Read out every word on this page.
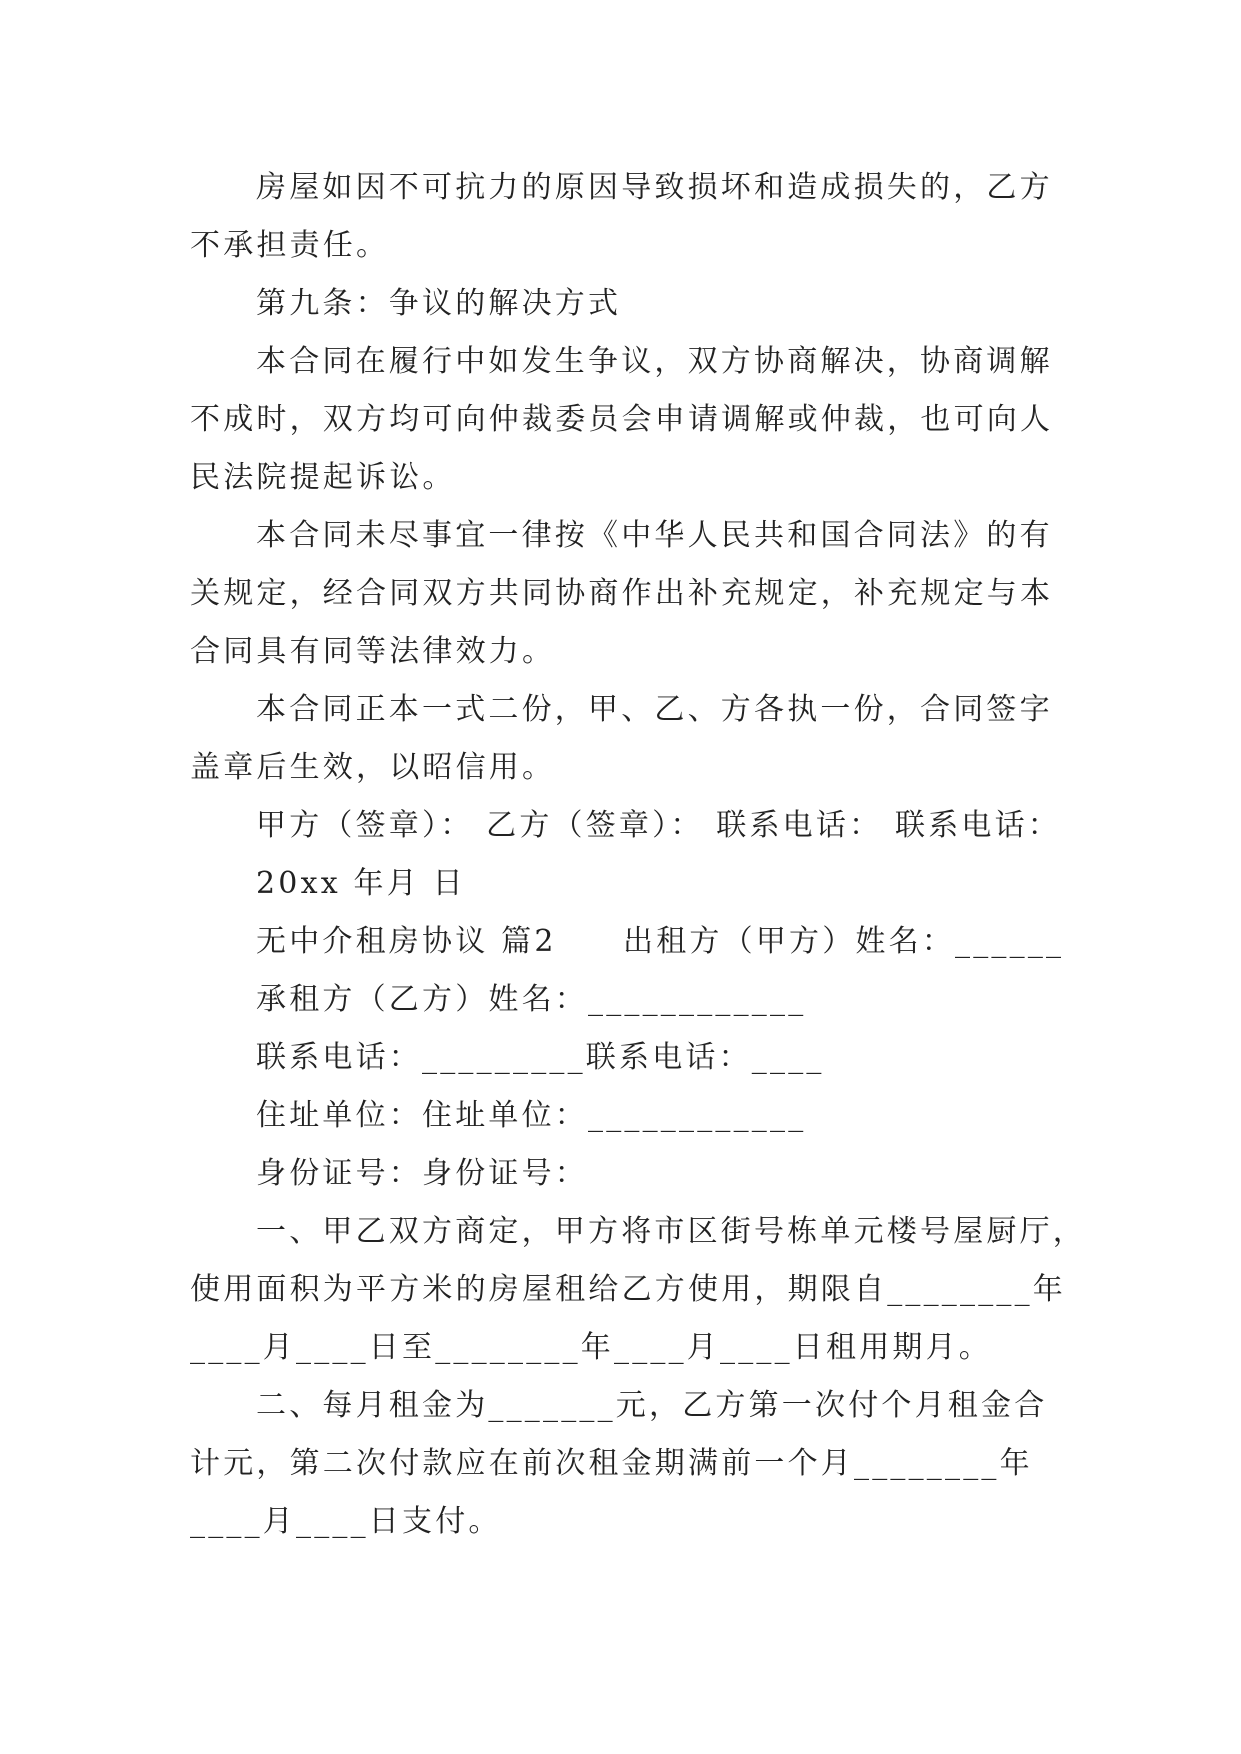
房屋如因不可抗力的原因导致损坏和造成损失的，乙方
不承担责任。
第九条：争议的解决方式
本合同在履行中如发生争议，双方协商解决，协商调解
不成时，双方均可向仲裁委员会申请调解或仲裁，也可向人
民法院提起诉讼。
本合同未尽事宜一律按《中华人民共和国合同法》的有
关规定，经合同双方共同协商作出补充规定，补充规定与本
合同具有同等法律效力。
本合同正本一式二份，甲、乙、方各执一份，合同签字
盖章后生效，以昭信用。
甲方（签章）： 乙方（签章）： 联系电话： 联系电话：
20xx 年月 日
无中介租房协议 篇2　　出租方（甲方）姓名：______
承租方（乙方）姓名：____________
联系电话：_________联系电话：____
住址单位：住址单位：____________
身份证号：身份证号：
一、甲乙双方商定，甲方将市区街号栋单元楼号屋厨厅，
使用面积为平方米的房屋租给乙方使用，期限自________年
____月____日至________年____月____日租用期月。
二、每月租金为_______元，乙方第一次付个月租金合
计元，第二次付款应在前次租金期满前一个月________年
____月____日支付。
